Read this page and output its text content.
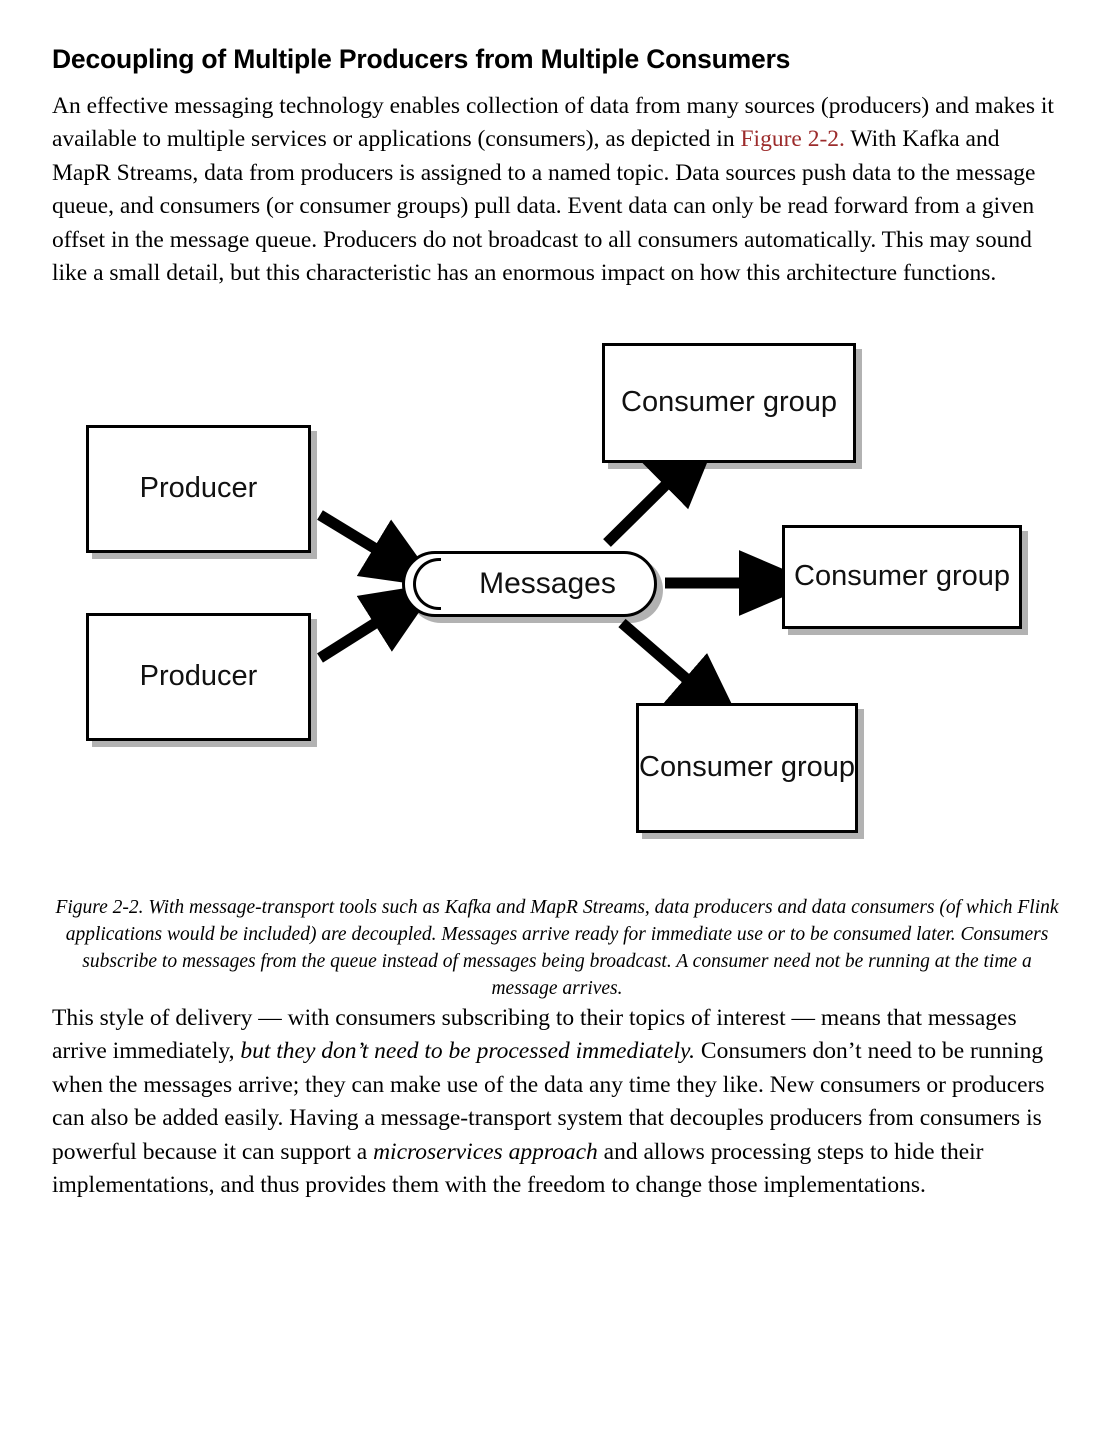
Decoupling of Multiple Producers from Multiple Consumers

An effective messaging technology enables collection of data from many sources (producers) and makes it available to multiple services or applications (consumers), as depicted in Figure 2-2. With Kafka and MapR Streams, data from producers is assigned to a named topic. Data sources push data to the message queue, and consumers (or consumer groups) pull data. Event data can only be read forward from a given offset in the message queue. Producers do not broadcast to all consumers automatically. This may sound like a small detail, but this characteristic has an enormous impact on how this architecture functions.

Producer
Producer
Messages
Consumer group
Consumer group
Consumer group

Figure 2-2. With message-transport tools such as Kafka and MapR Streams, data producers and data consumers (of which Flink applications would be included) are decoupled. Messages arrive ready for immediate use or to be consumed later. Consumers subscribe to messages from the queue instead of messages being broadcast. A consumer need not be running at the time a message arrives.

This style of delivery — with consumers subscribing to their topics of interest — means that messages arrive immediately, but they don’t need to be processed immediately. Consumers don’t need to be running when the messages arrive; they can make use of the data any time they like. New consumers or producers can also be added easily. Having a message-transport system that decouples producers from consumers is powerful because it can support a microservices approach and allows processing steps to hide their implementations, and thus provides them with the freedom to change those implementations.
